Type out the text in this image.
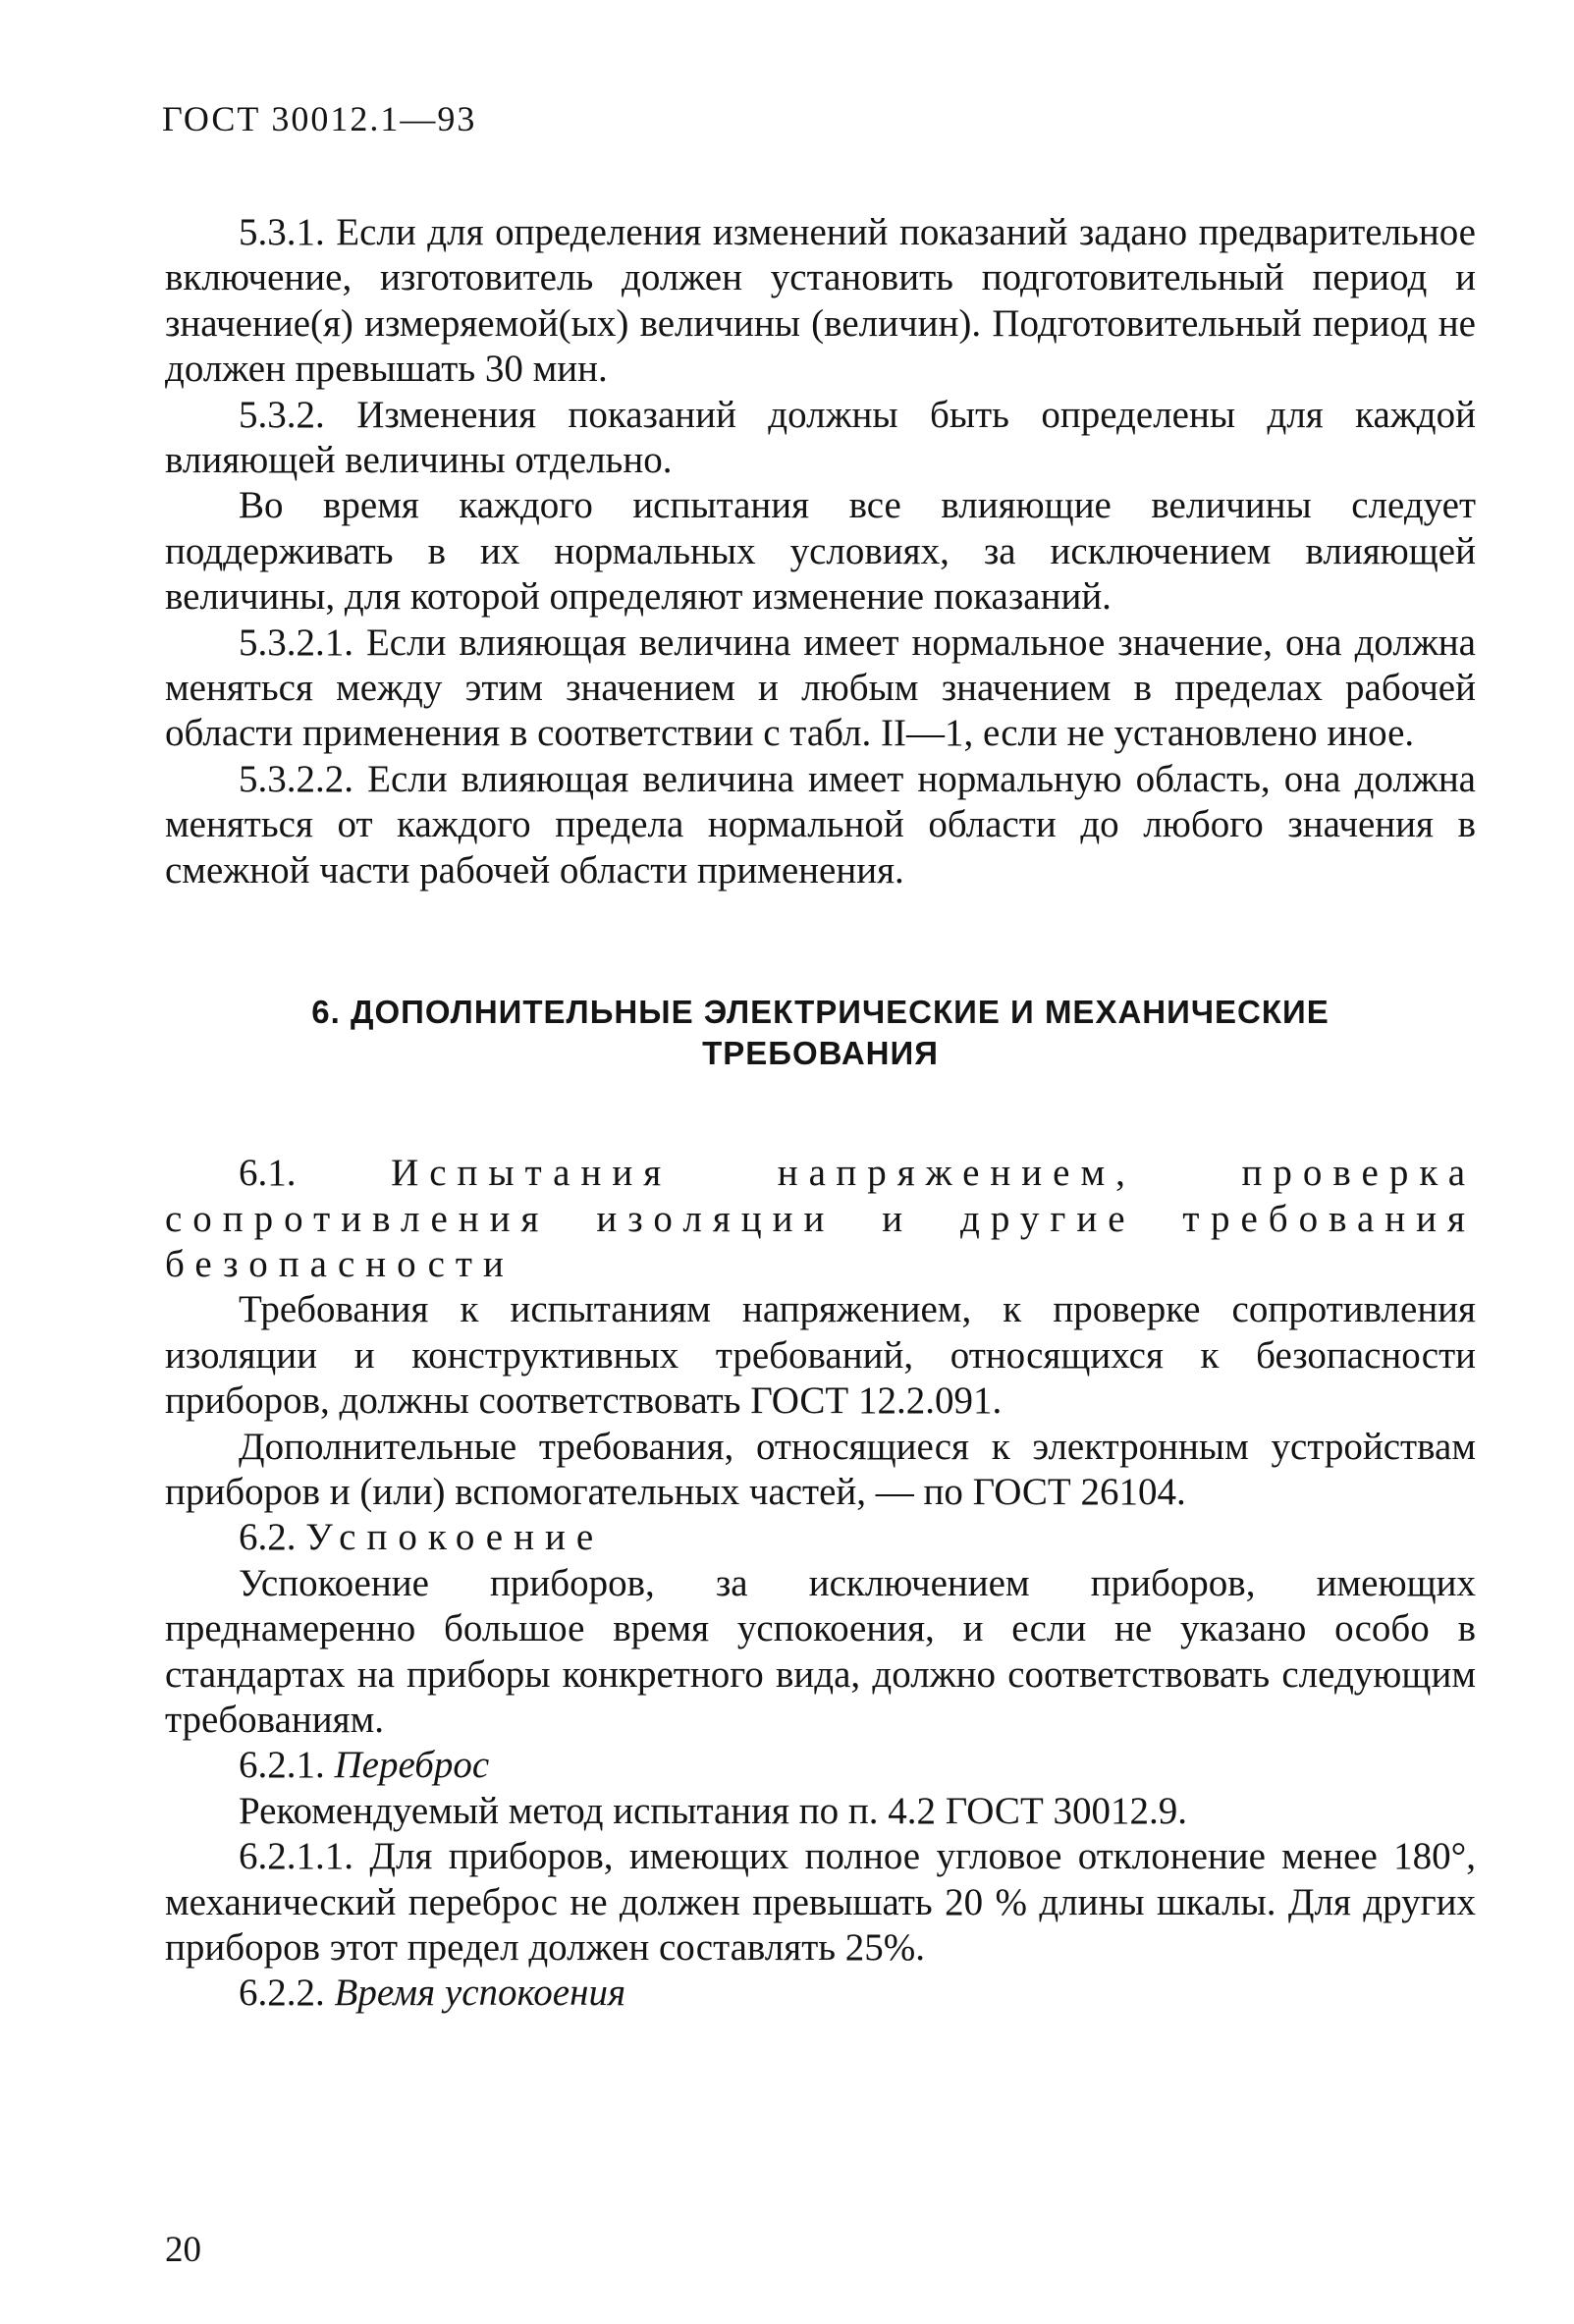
ГОСТ 30012.1—93

5.3.1. Если для определения изменений показаний задано предварительное включение, изготовитель должен установить подготовительный период и значение(я) измеряемой(ых) величины (величин). Подготовительный период не должен превышать 30 мин.

5.3.2. Изменения показаний должны быть определены для каждой влияющей величины отдельно.

Во время каждого испытания все влияющие величины следует поддерживать в их нормальных условиях, за исключением влияющей величины, для которой определяют изменение показаний.

5.3.2.1. Если влияющая величина имеет нормальное значение, она должна меняться между этим значением и любым значением в пределах рабочей области применения в соответствии с табл. II—1, если не установлено иное.

5.3.2.2. Если влияющая величина имеет нормальную область, она должна меняться от каждого предела нормальной области до любого значения в смежной части рабочей области применения.

6. ДОПОЛНИТЕЛЬНЫЕ ЭЛЕКТРИЧЕСКИЕ И МЕХАНИЧЕСКИЕ
ТРЕБОВАНИЯ

6.1. Испытания напряжением, проверка сопротивления изоляции и другие требования безопасности

Требования к испытаниям напряжением, к проверке сопротивления изоляции и конструктивных требований, относящихся к безопасности приборов, должны соответствовать ГОСТ 12.2.091.

Дополнительные требования, относящиеся к электронным устройствам приборов и (или) вспомогательных частей, — по ГОСТ 26104.

6.2. Успокоение

Успокоение приборов, за исключением приборов, имеющих преднамеренно большое время успокоения, и если не указано особо в стандартах на приборы конкретного вида, должно соответствовать следующим требованиям.

6.2.1. Переброс

Рекомендуемый метод испытания по п. 4.2 ГОСТ 30012.9.

6.2.1.1. Для приборов, имеющих полное угловое отклонение менее 180°, механический переброс не должен превышать 20 % длины шкалы. Для других приборов этот предел должен составлять 25%.

6.2.2. Время успокоения

20
